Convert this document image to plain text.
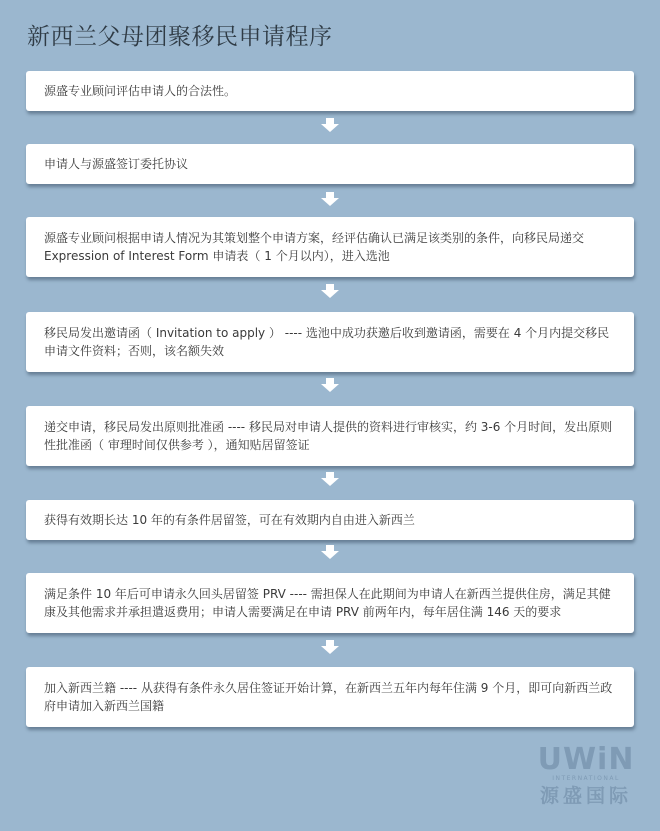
新西兰父母团聚移民申请程序
源盛专业顾问评估申请人的合法性。
申请人与源盛签订委托协议
源盛专业顾问根据申请人情况为其策划整个申请方案，经评估确认已满足该类别的条件，向移民局递交 Expression of Interest Form 申请表（ 1 个月以内），进入选池
移民局发出邀请函（ Invitation to apply ） ---- 选池中成功获邀后收到邀请函，需要在 4 个月内提交移民申请文件资料；否则，该名额失效
递交申请，移民局发出原则批准函 ---- 移民局对申请人提供的资料进行审核实，约 3-6 个月时间，发出原则性批准函（ 审理时间仅供参考 ），通知贴居留签证
获得有效期长达 10 年的有条件居留签，可在有效期内自由进入新西兰
满足条件 10 年后可申请永久回头居留签 PRV ---- 需担保人在此期间为申请人在新西兰提供住房，满足其健康及其他需求并承担遣返费用；申请人需要满足在申请 PRV 前两年内，每年居住满 146 天的要求
加入新西兰籍 ---- 从获得有条件永久居住签证开始计算，在新西兰五年内每年住满 9 个月，即可向新西兰政府申请加入新西兰国籍
UWiN
INTERNATIONAL
源盛国际
